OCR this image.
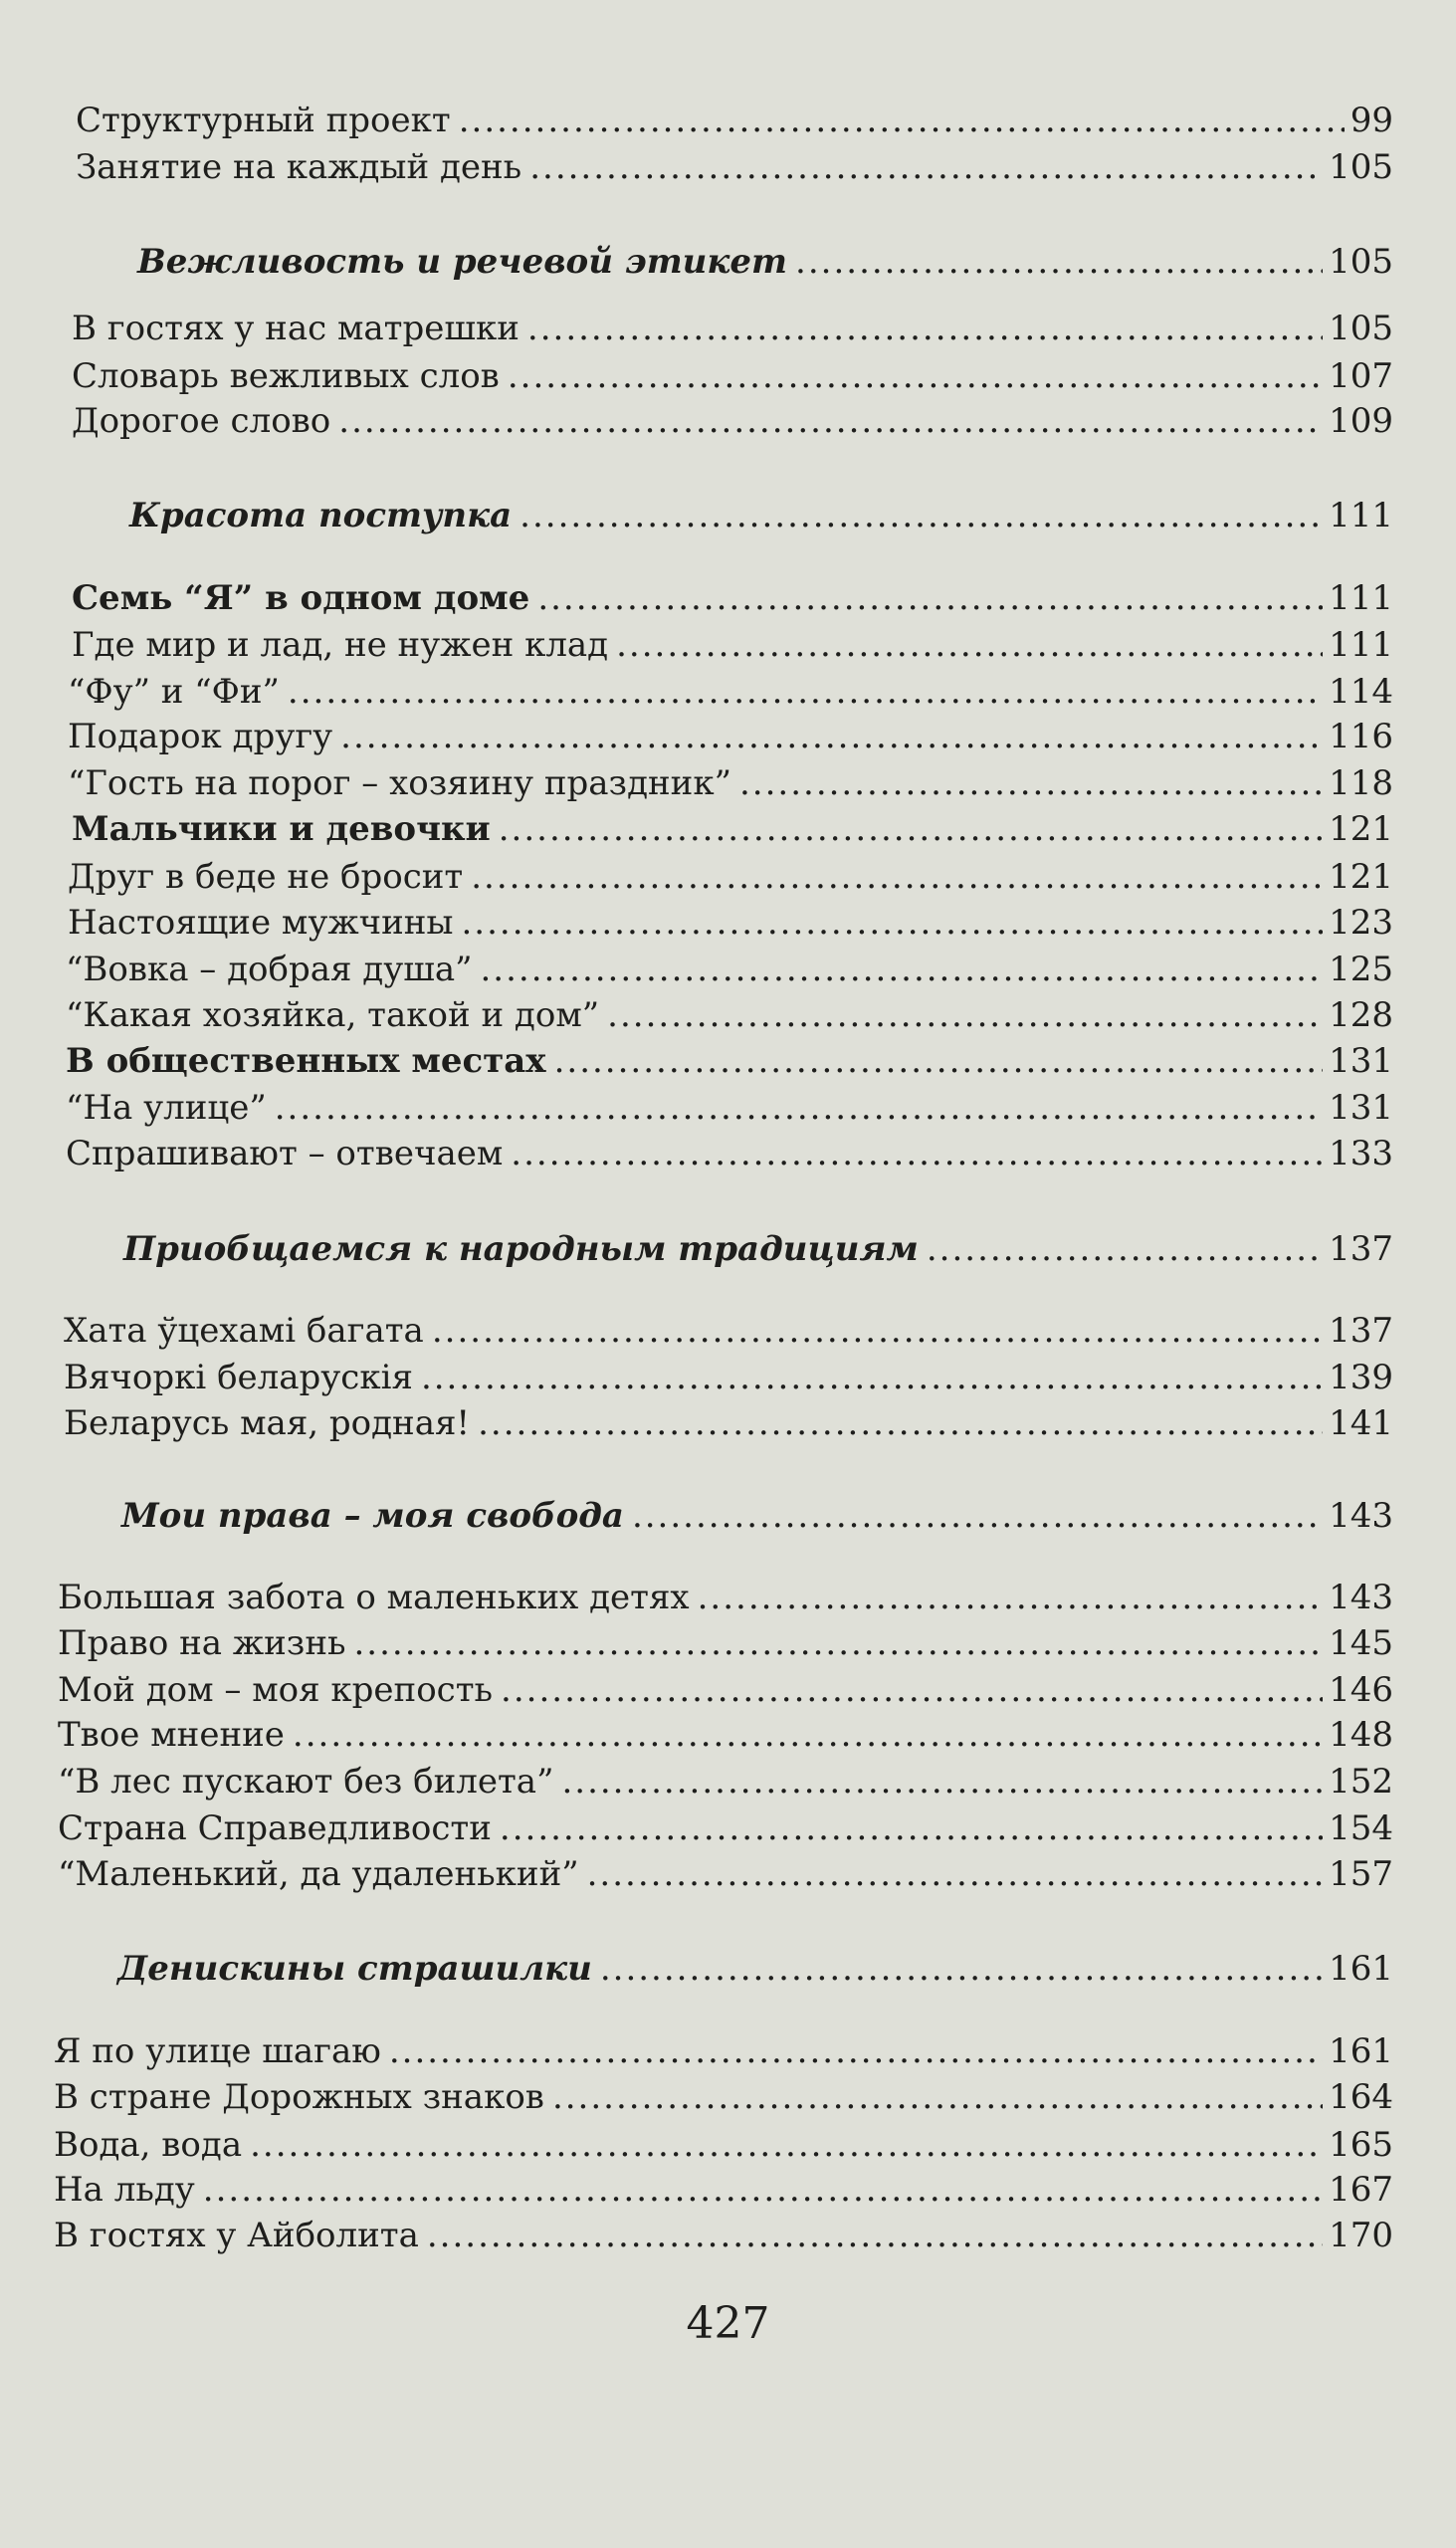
Структурный проект .....	99
Занятие на каждый день .....	105
Вежливость и речевой этикет .....	105
В гостях у нас матрешки .....	105
Словарь вежливых слов .....	107
Дорогое слово .....	109
Красота поступка .....	111
Семь “Я” в одном доме .....	111
Где мир и лад, не нужен клад .....	111
“Фу” и “Фи” .....	114
Подарок другу .....	116
“Гость на порог – хозяину праздник” .....	118
Мальчики и девочки .....	121
Друг в беде не бросит .....	121
Настоящие мужчины .....	123
“Вовка – добрая душа” .....	125
“Какая хозяйка, такой и дом” .....	128
В общественных местах .....	131
“На улице” .....	131
Спрашивают – отвечаем .....	133
Приобщаемся к народным традициям .....	137
Хата ўцехамі багата .....	137
Вячоркі беларускія .....	139
Беларусь мая, родная! .....	141
Мои права – моя свобода .....	143
Большая забота о маленьких детях .....	143
Право на жизнь .....	145
Мой дом – моя крепость .....	146
Твое мнение .....	148
“В лес пускают без билета” .....	152
Страна Справедливости .....	154
“Маленький, да удаленький” .....	157
Денискины страшилки .....	161
Я по улице шагаю .....	161
В стране Дорожных знаков .....	164
Вода, вода .....	165
На льду .....	167
В гостях у Айболита .....	170
427
